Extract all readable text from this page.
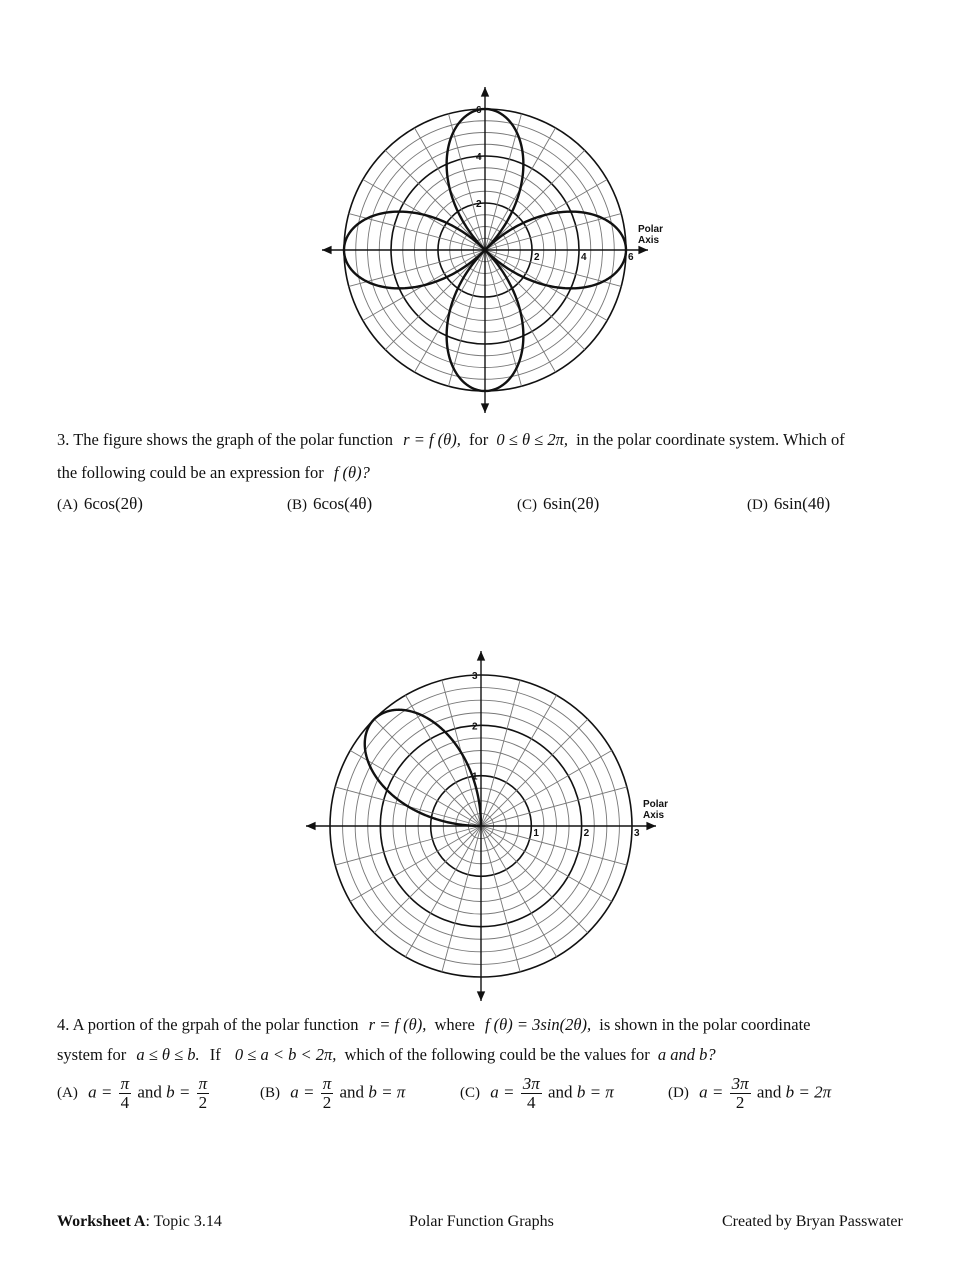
2	4	6
2
4
6
Polar
Axis
3. The figure shows the graph of the polar function r = f (θ), for 0 ≤ θ ≤ 2π, in the polar coordinate system. Which of
the following could be an expression for f (θ)?
(A) 6cos(2θ)	(B) 6cos(4θ)	(C) 6sin(2θ)	(D) 6sin(4θ)
1	2	3
1
2
3
Polar
Axis
4. A portion of the grpah of the polar function r = f (θ), where f (θ) = 3sin(2θ), is shown in the polar coordinate
system for a ≤ θ ≤ b. If 0 ≤ a < b < 2π, which of the following could be the values for a and b?
(A) $a = \frac{\pi}{4}$ and $b = \frac{\pi}{2}$	(B) $a = \frac{\pi}{2}$ and b = π	(C) $a = \frac{3\pi}{4}$ and b = π	(D) $a = \frac{3\pi}{2}$ and b = 2π
Worksheet A: Topic 3.14	Polar Function Graphs	Created by Bryan Passwater
